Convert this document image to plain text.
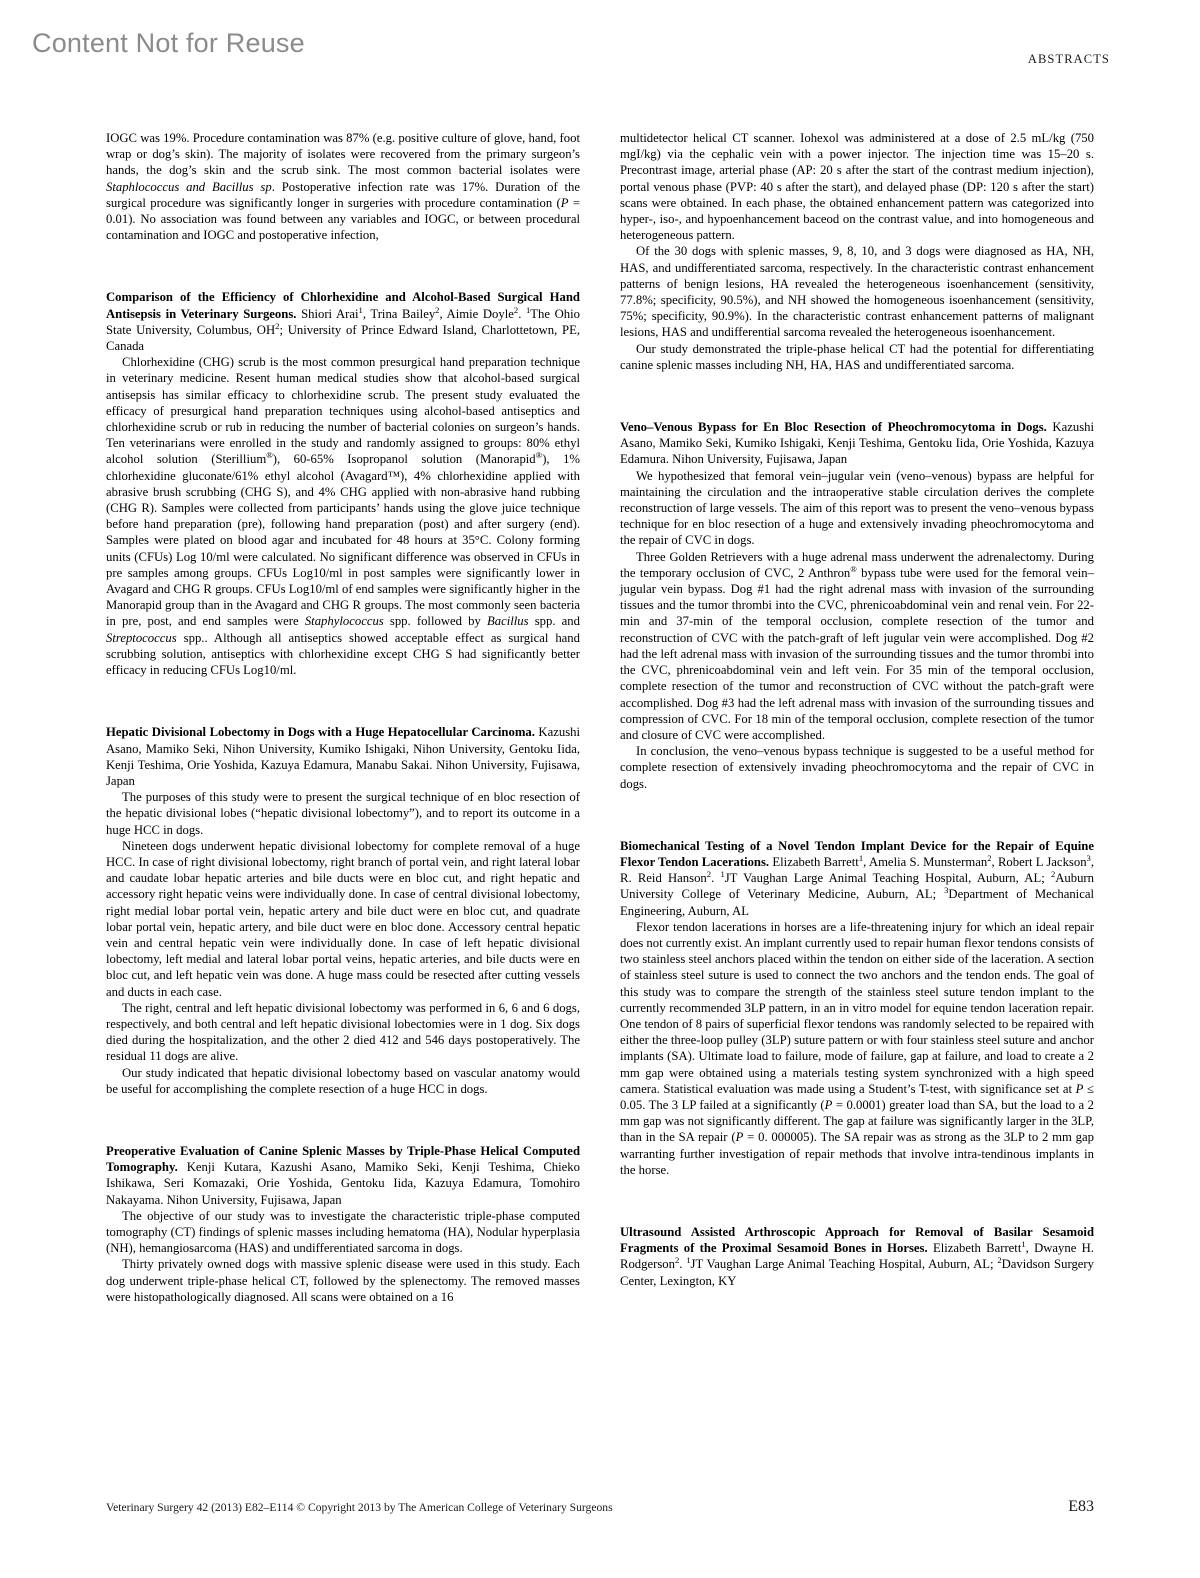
Content Not for Reuse
ABSTRACTS

IOGC was 19%. Procedure contamination was 87% (e.g. positive culture of glove, hand, foot wrap or dog’s skin). The majority of isolates were recovered from the primary surgeon’s hands, the dog’s skin and the scrub sink. The most common bacterial isolates were Staphlococcus and Bacillus sp. Postoperative infection rate was 17%. Duration of the surgical procedure was significantly longer in surgeries with procedure contamination (P = 0.01). No association was found between any variables and IOGC, or between procedural contamination and IOGC and postoperative infection,

Comparison of the Efficiency of Chlorhexidine and Alcohol-Based Surgical Hand Antisepsis in Veterinary Surgeons. Shiori Arai$^1$, Trina Bailey$^2$, Aimie Doyle$^2$. $^1$The Ohio State University, Columbus, $OH^2$; University of Prince Edward Island, Charlottetown, PE, Canada

Chlorhexidine (CHG) scrub is the most common presurgical hand preparation technique in veterinary medicine. Resent human medical studies show that alcohol-based surgical antisepsis has similar efficacy to chlorhexidine scrub. The present study evaluated the efficacy of presurgical hand preparation techniques using alcohol-based antiseptics and chlorhexidine scrub or rub in reducing the number of bacterial colonies on surgeon’s hands. Ten veterinarians were enrolled in the study and randomly assigned to groups: 80% ethyl alcohol solution (Sterillium®), 60-65% Isopropanol solution (Manorapid®), 1% chlorhexidine gluconate/61% ethyl alcohol (Avagard™), 4% chlorhexidine applied with abrasive brush scrubbing (CHG S), and 4% CHG applied with non-abrasive hand rubbing (CHG R). Samples were collected from participants’ hands using the glove juice technique before hand preparation (pre), following hand preparation (post) and after surgery (end). Samples were plated on blood agar and incubated for 48 hours at 35°C. Colony forming units (CFUs) Log 10/ml were calculated. No significant difference was observed in CFUs in pre samples among groups. CFUs Log10/ml in post samples were significantly lower in Avagard and CHG R groups. CFUs Log10/ml of end samples were significantly higher in the Manorapid group than in the Avagard and CHG R groups. The most commonly seen bacteria in pre, post, and end samples were Staphylococcus spp. followed by Bacillus spp. and Streptococcus spp.. Although all antiseptics showed acceptable effect as surgical hand scrubbing solution, antiseptics with chlorhexidine except CHG S had significantly better efficacy in reducing CFUs Log10/ml.

Hepatic Divisional Lobectomy in Dogs with a Huge Hepatocellular Carcinoma. Kazushi Asano, Mamiko Seki, Nihon University, Kumiko Ishigaki, Nihon University, Gentoku Iida, Kenji Teshima, Orie Yoshida, Kazuya Edamura, Manabu Sakai. Nihon University, Fujisawa, Japan

The purposes of this study were to present the surgical technique of en bloc resection of the hepatic divisional lobes (“hepatic divisional lobectomy”), and to report its outcome in a huge HCC in dogs.

Nineteen dogs underwent hepatic divisional lobectomy for complete removal of a huge HCC. In case of right divisional lobectomy, right branch of portal vein, and right lateral lobar and caudate lobar hepatic arteries and bile ducts were en bloc cut, and right hepatic and accessory right hepatic veins were individually done. In case of central divisional lobectomy, right medial lobar portal vein, hepatic artery and bile duct were en bloc cut, and quadrate lobar portal vein, hepatic artery, and bile duct were en bloc done. Accessory central hepatic vein and central hepatic vein were individually done. In case of left hepatic divisional lobectomy, left medial and lateral lobar portal veins, hepatic arteries, and bile ducts were en bloc cut, and left hepatic vein was done. A huge mass could be resected after cutting vessels and ducts in each case.

The right, central and left hepatic divisional lobectomy was performed in 6, 6 and 6 dogs, respectively, and both central and left hepatic divisional lobectomies were in 1 dog. Six dogs died during the hospitalization, and the other 2 died 412 and 546 days postoperatively. The residual 11 dogs are alive.

Our study indicated that hepatic divisional lobectomy based on vascular anatomy would be useful for accomplishing the complete resection of a huge HCC in dogs.

Preoperative Evaluation of Canine Splenic Masses by Triple-Phase Helical Computed Tomography. Kenji Kutara, Kazushi Asano, Mamiko Seki, Kenji Teshima, Chieko Ishikawa, Seri Komazaki, Orie Yoshida, Gentoku Iida, Kazuya Edamura, Tomohiro Nakayama. Nihon University, Fujisawa, Japan

The objective of our study was to investigate the characteristic triple-phase computed tomography (CT) findings of splenic masses including hematoma (HA), Nodular hyperplasia (NH), hemangiosarcoma (HAS) and undifferentiated sarcoma in dogs.

Thirty privately owned dogs with massive splenic disease were used in this study. Each dog underwent triple-phase helical CT, followed by the splenectomy. The removed masses were histopathologically diagnosed. All scans were obtained on a 16

multidetector helical CT scanner. Iohexol was administered at a dose of 2.5 mL/kg (750 mgI/kg) via the cephalic vein with a power injector. The injection time was 15–20 s. Precontrast image, arterial phase (AP: 20 s after the start of the contrast medium injection), portal venous phase (PVP: 40 s after the start), and delayed phase (DP: 120 s after the start) scans were obtained. In each phase, the obtained enhancement pattern was categorized into hyper-, iso-, and hypoenhancement baceod on the contrast value, and into homogeneous and heterogeneous pattern.

Of the 30 dogs with splenic masses, 9, 8, 10, and 3 dogs were diagnosed as HA, NH, HAS, and undifferentiated sarcoma, respectively. In the characteristic contrast enhancement patterns of benign lesions, HA revealed the heterogeneous isoenhancement (sensitivity, 77.8%; specificity, 90.5%), and NH showed the homogeneous isoenhancement (sensitivity, 75%; specificity, 90.9%). In the characteristic contrast enhancement patterns of malignant lesions, HAS and undifferential sarcoma revealed the heterogeneous isoenhancement.

Our study demonstrated the triple-phase helical CT had the potential for differentiating canine splenic masses including NH, HA, HAS and undifferentiated sarcoma.

Veno–Venous Bypass for En Bloc Resection of Pheochromocytoma in Dogs. Kazushi Asano, Mamiko Seki, Kumiko Ishigaki, Kenji Teshima, Gentoku Iida, Orie Yoshida, Kazuya Edamura. Nihon University, Fujisawa, Japan

We hypothesized that femoral vein–jugular vein (veno–venous) bypass are helpful for maintaining the circulation and the intraoperative stable circulation derives the complete reconstruction of large vessels. The aim of this report was to present the veno–venous bypass technique for en bloc resection of a huge and extensively invading pheochromocytoma and the repair of CVC in dogs.

Three Golden Retrievers with a huge adrenal mass underwent the adrenalectomy. During the temporary occlusion of CVC, 2 Anthron® bypass tube were used for the femoral vein–jugular vein bypass. Dog #1 had the right adrenal mass with invasion of the surrounding tissues and the tumor thrombi into the CVC, phrenicoabdominal vein and renal vein. For 22-min and 37-min of the temporal occlusion, complete resection of the tumor and reconstruction of CVC with the patch-graft of left jugular vein were accomplished. Dog #2 had the left adrenal mass with invasion of the surrounding tissues and the tumor thrombi into the CVC, phrenicoabdominal vein and left vein. For 35 min of the temporal occlusion, complete resection of the tumor and reconstruction of CVC without the patch-graft were accomplished. Dog #3 had the left adrenal mass with invasion of the surrounding tissues and compression of CVC. For 18 min of the temporal occlusion, complete resection of the tumor and closure of CVC were accomplished.

In conclusion, the veno–venous bypass technique is suggested to be a useful method for complete resection of extensively invading pheochromocytoma and the repair of CVC in dogs.

Biomechanical Testing of a Novel Tendon Implant Device for the Repair of Equine Flexor Tendon Lacerations. Elizabeth Barrett$^1$, Amelia S. Munsterman$^2$, Robert L Jackson$^3$, R. Reid Hanson$^2$. $^1$JT Vaughan Large Animal Teaching Hospital, Auburn, AL; $^2$Auburn University College of Veterinary Medicine, Auburn, AL; $^3$Department of Mechanical Engineering, Auburn, AL

Flexor tendon lacerations in horses are a life-threatening injury for which an ideal repair does not currently exist. An implant currently used to repair human flexor tendons consists of two stainless steel anchors placed within the tendon on either side of the laceration. A section of stainless steel suture is used to connect the two anchors and the tendon ends. The goal of this study was to compare the strength of the stainless steel suture tendon implant to the currently recommended 3LP pattern, in an in vitro model for equine tendon laceration repair. One tendon of 8 pairs of superficial flexor tendons was randomly selected to be repaired with either the three-loop pulley (3LP) suture pattern or with four stainless steel suture and anchor implants (SA). Ultimate load to failure, mode of failure, gap at failure, and load to create a 2 mm gap were obtained using a materials testing system synchronized with a high speed camera. Statistical evaluation was made using a Student’s T-test, with significance set at P ≤ 0.05. The 3 LP failed at a significantly (P = 0.0001) greater load than SA, but the load to a 2 mm gap was not significantly different. The gap at failure was significantly larger in the 3LP, than in the SA repair (P = 0. 000005). The SA repair was as strong as the 3LP to 2 mm gap warranting further investigation of repair methods that involve intra-tendinous implants in the horse.

Ultrasound Assisted Arthroscopic Approach for Removal of Basilar Sesamoid Fragments of the Proximal Sesamoid Bones in Horses. Elizabeth Barrett$^1$, Dwayne H. Rodgerson$^2$. $^1$JT Vaughan Large Animal Teaching Hospital, Auburn, AL; $^2$Davidson Surgery Center, Lexington, KY

Veterinary Surgery 42 (2013) E82–E114 © Copyright 2013 by The American College of Veterinary Surgeons	E83
